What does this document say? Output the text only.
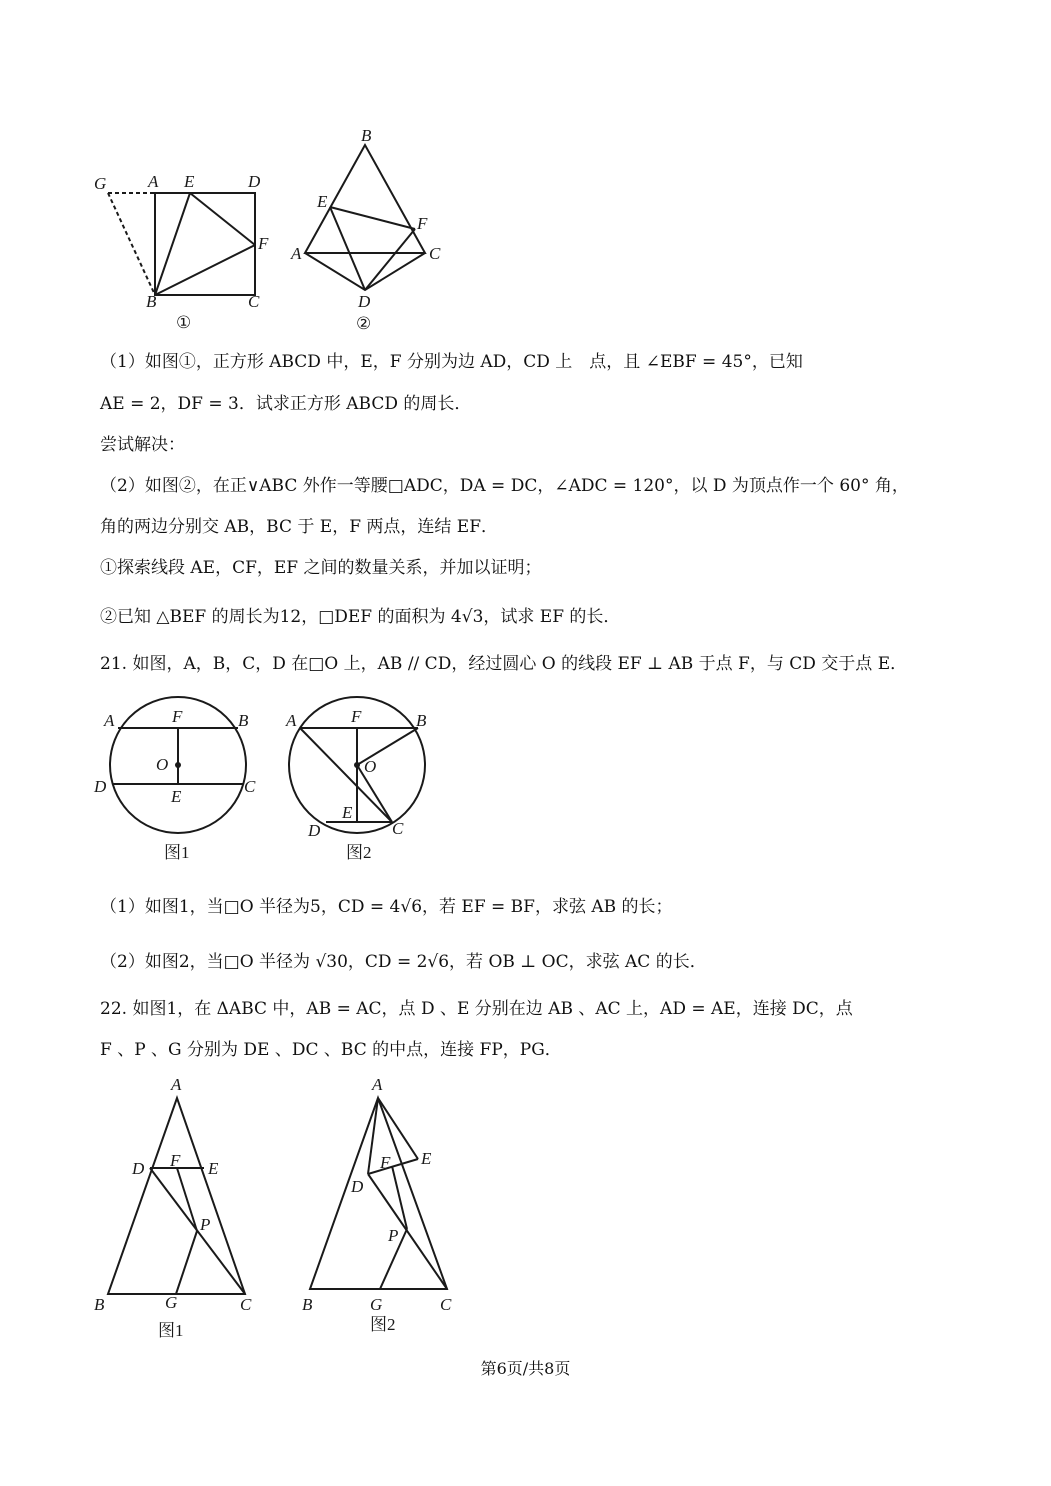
G A E	D
F
B	C
①
B
E
F
A	C
D
②
（1）如图①，正方形 ABCD 中，E，F 分别为边 AD，CD 上　点，且 ∠EBF = 45°，已知
AE = 2，DF = 3．试求正方形 ABCD 的周长．
尝试解决：
（2）如图②，在正∨ABC 外作一等腰□ADC，DA = DC，∠ADC = 120°，以 D 为顶点作一个 60° 角，
角的两边分别交 AB，BC 于 E，F 两点，连结 EF．
①探索线段 AE，CF，EF 之间的数量关系，并加以证明；
②已知 △BEF 的周长为12，□DEF 的面积为 4√3，试求 EF 的长．
21. 如图，A，B，C，D 在□O 上，AB // CD，经过圆心 O 的线段 EF ⊥ AB 于点 F，与 CD 交于点 E．
A	F	B
O
D
E
C
图1
A	F	B
O
E
D	C
图2
（1）如图1，当□O 半径为5，CD = 4√6，若 EF = BF，求弦 AB 的长；
（2）如图2，当□O 半径为 √30，CD = 2√6，若 OB ⊥ OC，求弦 AC 的长．
22. 如图1，在 ΔABC 中，AB = AC，点 D 、E 分别在边 AB 、AC 上，AD = AE，连接 DC，点
F 、P 、G 分别为 DE 、DC 、BC 的中点，连接 FP，PG．
A
D F E
P
B	G	C
图1
A
F E
D
P
B	G	C
图2
第6页/共8页
